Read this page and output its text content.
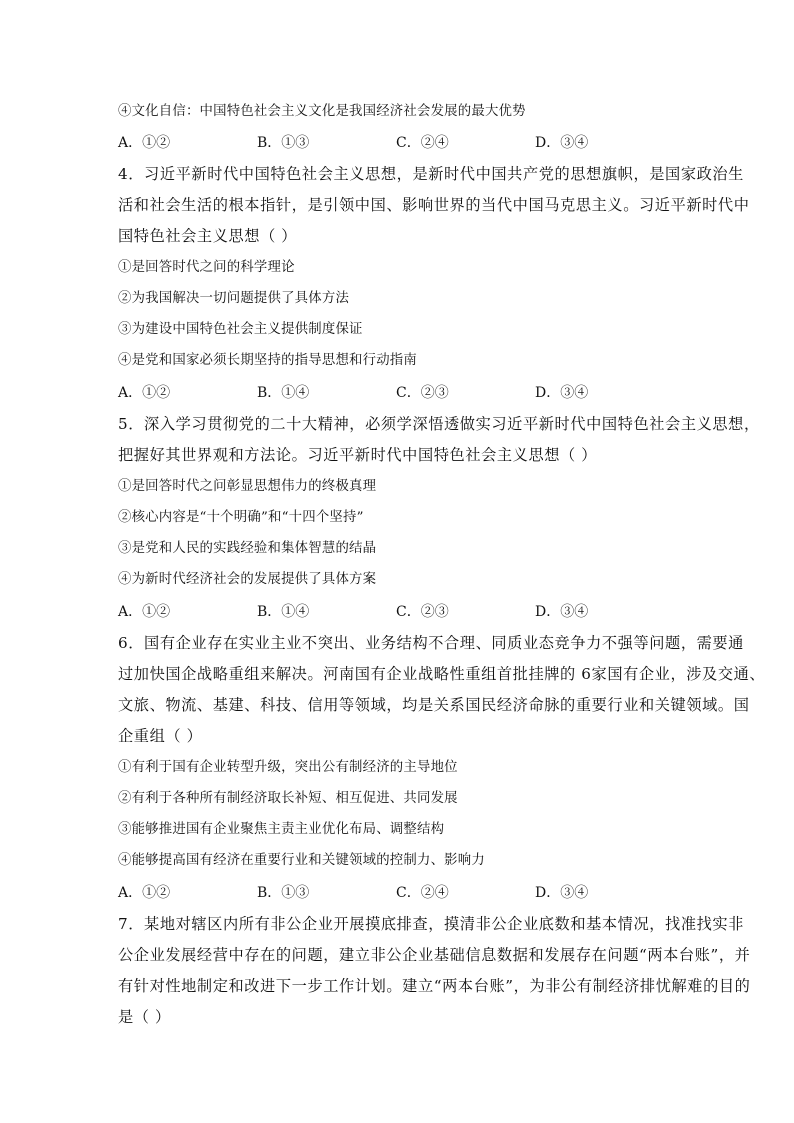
④文化自信：中国特色社会主义文化是我国经济社会发展的最大优势
A．①②	B．①③	C．②④	D．③④
4．习近平新时代中国特色社会主义思想，是新时代中国共产党的思想旗帜，是国家政治生
活和社会生活的根本指针，是引领中国、影响世界的当代中国马克思主义。习近平新时代中
国特色社会主义思想（ ）
①是回答时代之问的科学理论
②为我国解决一切问题提供了具体方法
③为建设中国特色社会主义提供制度保证
④是党和国家必须长期坚持的指导思想和行动指南
A．①②	B．①④	C．②③	D．③④
5．深入学习贯彻党的二十大精神，必须学深悟透做实习近平新时代中国特色社会主义思想，
把握好其世界观和方法论。习近平新时代中国特色社会主义思想（ ）
①是回答时代之问彰显思想伟力的终极真理
②核心内容是“十个明确”和“十四个坚持”
③是党和人民的实践经验和集体智慧的结晶
④为新时代经济社会的发展提供了具体方案
A．①②	B．①④	C．②③	D．③④
6．国有企业存在实业主业不突出、业务结构不合理、同质业态竞争力不强等问题，需要通
过加快国企战略重组来解决。河南国有企业战略性重组首批挂牌的 6家国有企业，涉及交通、
文旅、物流、基建、科技、信用等领域，均是关系国民经济命脉的重要行业和关键领域。国
企重组（ ）
①有利于国有企业转型升级，突出公有制经济的主导地位
②有利于各种所有制经济取长补短、相互促进、共同发展
③能够推进国有企业聚焦主责主业优化布局、调整结构
④能够提高国有经济在重要行业和关键领域的控制力、影响力
A．①②	B．①③	C．②④	D．③④
7．某地对辖区内所有非公企业开展摸底排查，摸清非公企业底数和基本情况，找准找实非
公企业发展经营中存在的问题，建立非公企业基础信息数据和发展存在问题“两本台账”，并
有针对性地制定和改进下一步工作计划。建立“两本台账”，为非公有制经济排忧解难的目的
是（ ）
